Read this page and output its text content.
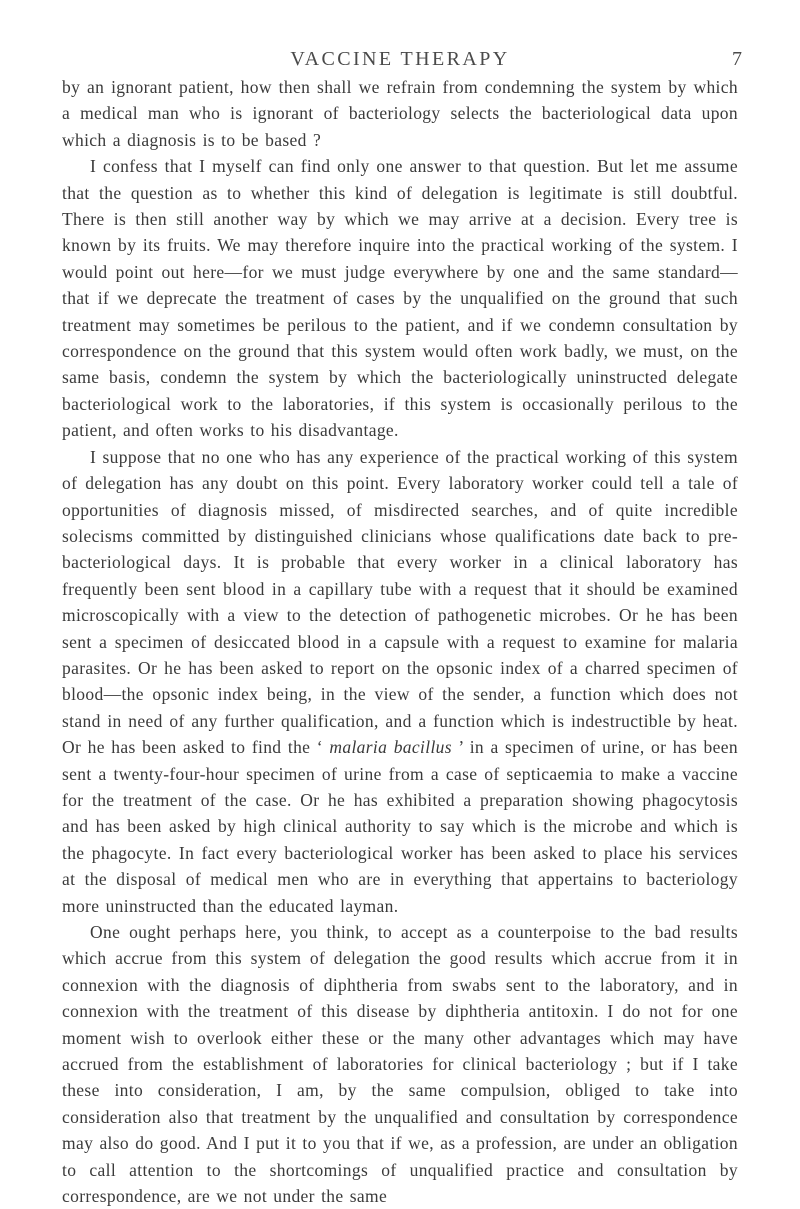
VACCINE THERAPY	7

by an ignorant patient, how then shall we refrain from condemning the system by which a medical man who is ignorant of bacteriology selects the bacteriological data upon which a diagnosis is to be based ?

I confess that I myself can find only one answer to that question. But let me assume that the question as to whether this kind of delegation is legitimate is still doubtful. There is then still another way by which we may arrive at a decision. Every tree is known by its fruits. We may therefore inquire into the practical working of the system. I would point out here—for we must judge everywhere by one and the same standard—that if we deprecate the treatment of cases by the unqualified on the ground that such treatment may sometimes be perilous to the patient, and if we condemn consultation by correspondence on the ground that this system would often work badly, we must, on the same basis, condemn the system by which the bacteriologically uninstructed delegate bacteriological work to the laboratories, if this system is occasionally perilous to the patient, and often works to his disadvantage.

I suppose that no one who has any experience of the practical working of this system of delegation has any doubt on this point. Every laboratory worker could tell a tale of opportunities of diagnosis missed, of misdirected searches, and of quite incredible solecisms committed by distinguished clinicians whose qualifications date back to pre-bacteriological days. It is probable that every worker in a clinical laboratory has frequently been sent blood in a capillary tube with a request that it should be examined microscopically with a view to the detection of pathogenetic microbes. Or he has been sent a specimen of desiccated blood in a capsule with a request to examine for malaria parasites. Or he has been asked to report on the opsonic index of a charred specimen of blood—the opsonic index being, in the view of the sender, a function which does not stand in need of any further qualification, and a function which is indestructible by heat. Or he has been asked to find the ‘ malaria bacillus ’ in a specimen of urine, or has been sent a twenty-four-hour specimen of urine from a case of septicaemia to make a vaccine for the treatment of the case. Or he has exhibited a preparation showing phagocytosis and has been asked by high clinical authority to say which is the microbe and which is the phagocyte. In fact every bacteriological worker has been asked to place his services at the disposal of medical men who are in everything that appertains to bacteriology more uninstructed than the educated layman.

One ought perhaps here, you think, to accept as a counterpoise to the bad results which accrue from this system of delegation the good results which accrue from it in connexion with the diagnosis of diphtheria from swabs sent to the laboratory, and in connexion with the treatment of this disease by diphtheria antitoxin. I do not for one moment wish to overlook either these or the many other advantages which may have accrued from the establishment of laboratories for clinical bacteriology ; but if I take these into consideration, I am, by the same compulsion, obliged to take into consideration also that treatment by the unqualified and consultation by correspondence may also do good. And I put it to you that if we, as a profession, are under an obligation to call attention to the shortcomings of unqualified practice and consultation by correspondence, are we not under the same
